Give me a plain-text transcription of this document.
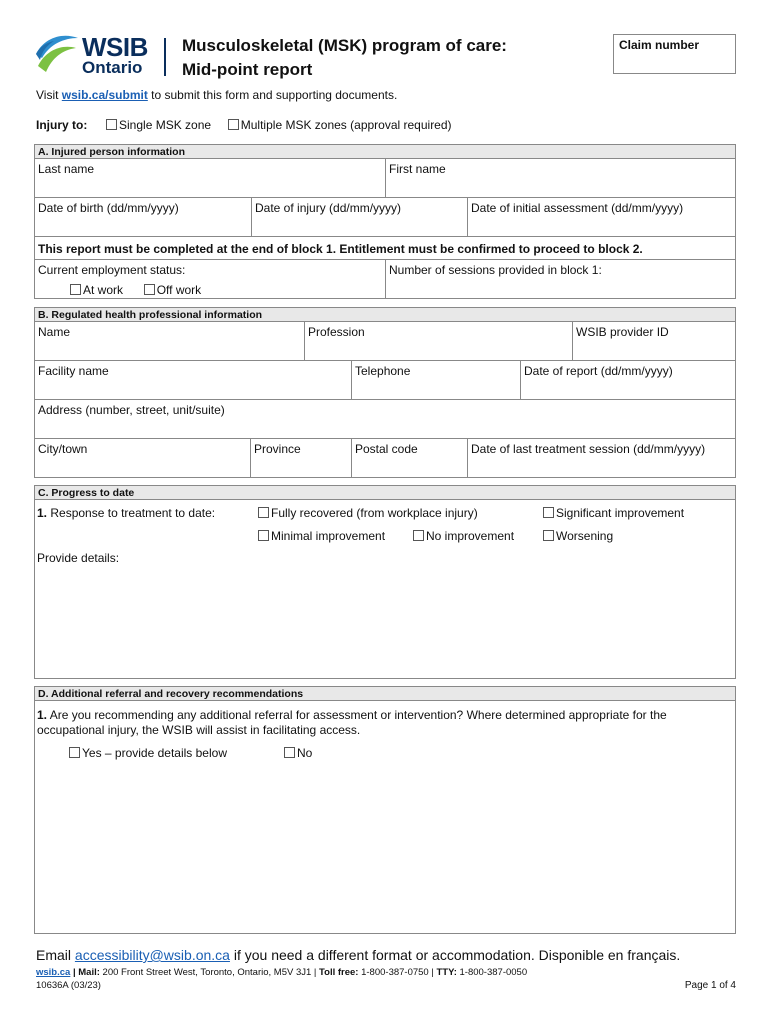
WSIB
Ontario
Musculoskeletal (MSK) program of care:
Mid-point report
Claim number
Visit wsib.ca/submit to submit this form and supporting documents.
Injury to:	Single MSK zone Multiple MSK zones (approval required)
A. Injured person information
Last name	First name
Date of birth (dd/mm/yyyy)	Date of injury (dd/mm/yyyy)	Date of initial assessment (dd/mm/yyyy)
This report must be completed at the end of block 1. Entitlement must be confirmed to proceed to block 2.
Current employment status:
At work	Off work
Number of sessions provided in block 1:
B. Regulated health professional information
Name	Profession	WSIB provider ID
Facility name	Telephone	Date of report (dd/mm/yyyy)
Address (number, street, unit/suite)
City/town	Province	Postal code	Date of last treatment session (dd/mm/yyyy)
C. Progress to date
1. Response to treatment to date:	Fully recovered (from workplace injury)	Significant improvement
Minimal improvement	No improvement	Worsening
Provide details:
D. Additional referral and recovery recommendations
1. Are you recommending any additional referral for assessment or intervention? Where determined appropriate for the occupational injury, the WSIB will assist in facilitating access.
Yes – provide details below	No
Email accessibility@wsib.on.ca if you need a different format or accommodation. Disponible en français.
wsib.ca | Mail: 200 Front Street West, Toronto, Ontario, M5V 3J1 | Toll free: 1-800-387-0750 | TTY: 1-800-387-0050
10636A (03/23)	Page 1 of 4
